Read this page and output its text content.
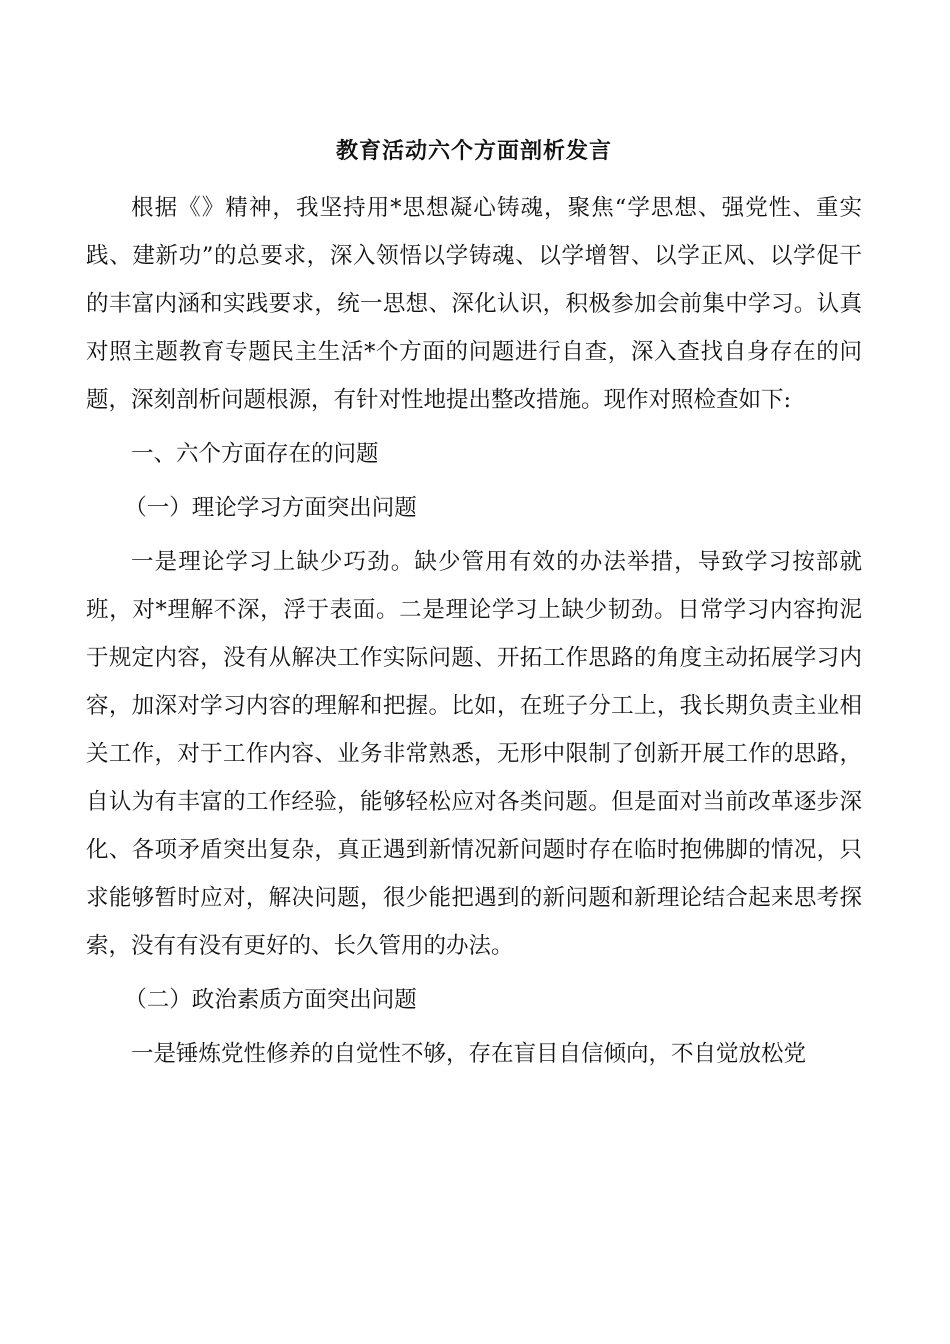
教育活动六个方面剖析发言

根据《》精神，我坚持用*思想凝心铸魂，聚焦“学思想、强党性、重实践、建新功”的总要求，深入领悟以学铸魂、以学增智、以学正风、以学促干的丰富内涵和实践要求，统一思想、深化认识，积极参加会前集中学习。认真对照主题教育专题民主生活*个方面的问题进行自查，深入查找自身存在的问题，深刻剖析问题根源，有针对性地提出整改措施。现作对照检查如下:

一、六个方面存在的问题

（一）理论学习方面突出问题

一是理论学习上缺少巧劲。缺少管用有效的办法举措，导致学习按部就班，对*理解不深，浮于表面。二是理论学习上缺少韧劲。日常学习内容拘泥于规定内容，没有从解决工作实际问题、开拓工作思路的角度主动拓展学习内容，加深对学习内容的理解和把握。比如，在班子分工上，我长期负责主业相关工作，对于工作内容、业务非常熟悉，无形中限制了创新开展工作的思路，自认为有丰富的工作经验，能够轻松应对各类问题。但是面对当前改革逐步深化、各项矛盾突出复杂，真正遇到新情况新问题时存在临时抱佛脚的情况，只求能够暂时应对，解决问题，很少能把遇到的新问题和新理论结合起来思考探索，没有有没有更好的、长久管用的办法。

（二）政治素质方面突出问题

一是锤炼党性修养的自觉性不够，存在盲目自信倾向，不自觉放松党
